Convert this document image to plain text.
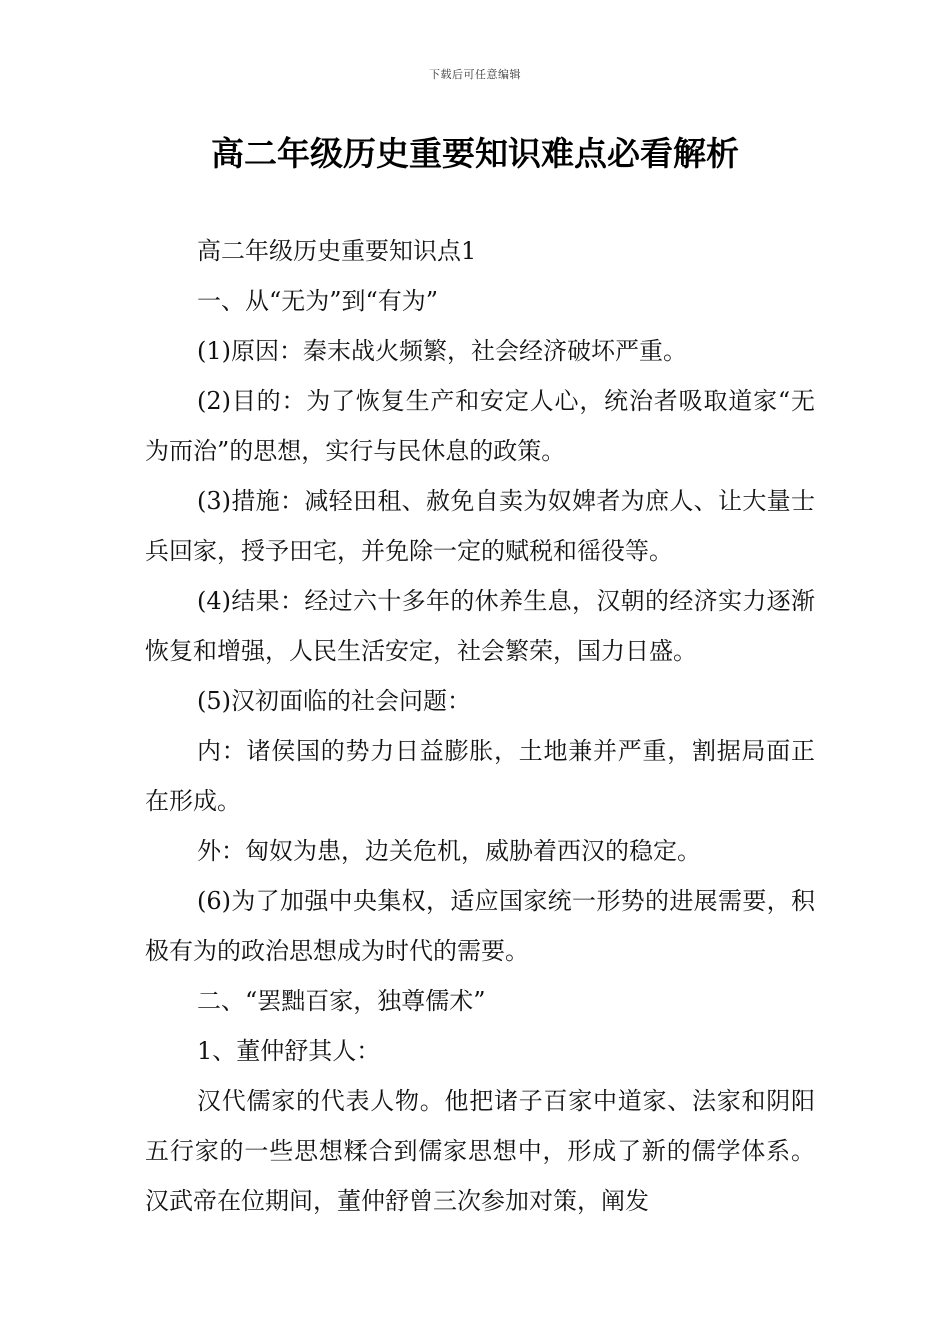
下载后可任意编辑
高二年级历史重要知识难点必看解析

高二年级历史重要知识点1

一、从“无为”到“有为”

(1)原因：秦末战火频繁，社会经济破坏严重。

(2)目的：为了恢复生产和安定人心，统治者吸取道家“无为而治”的思想，实行与民休息的政策。

(3)措施：减轻田租、赦免自卖为奴婢者为庶人、让大量士兵回家，授予田宅，并免除一定的赋税和徭役等。

(4)结果：经过六十多年的休养生息，汉朝的经济实力逐渐恢复和增强，人民生活安定，社会繁荣，国力日盛。

(5)汉初面临的社会问题：

内：诸侯国的势力日益膨胀，土地兼并严重，割据局面正在形成。

外：匈奴为患，边关危机，威胁着西汉的稳定。

(6)为了加强中央集权，适应国家统一形势的进展需要，积极有为的政治思想成为时代的需要。

二、“罢黜百家，独尊儒术”

1、董仲舒其人：

汉代儒家的代表人物。他把诸子百家中道家、法家和阴阳五行家的一些思想糅合到儒家思想中，形成了新的儒学体系。汉武帝在位期间，董仲舒曾三次参加对策，阐发
